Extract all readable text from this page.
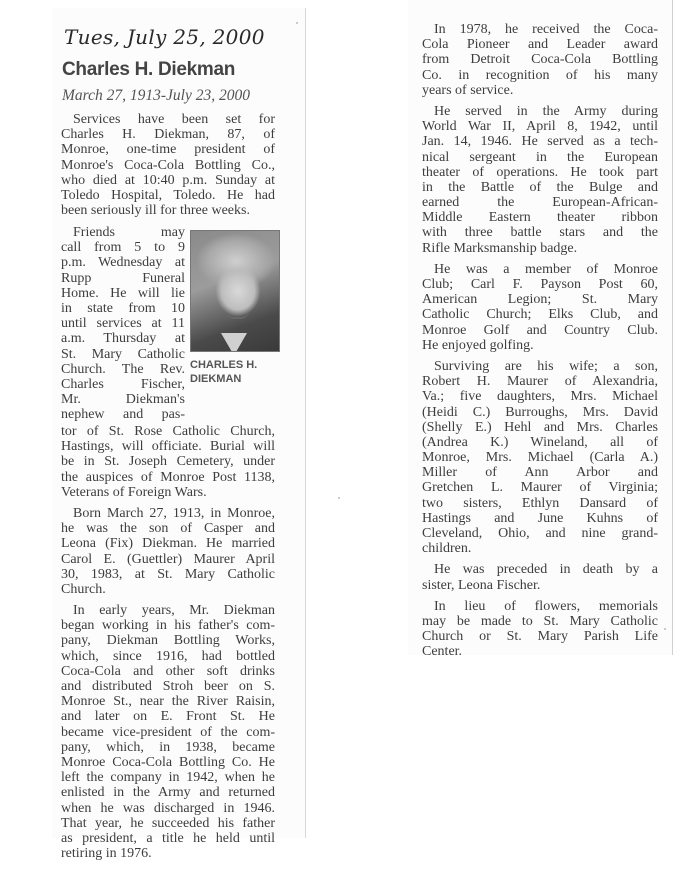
Tues, July 25, 2000
Charles H. Diekman
March 27, 1913-July 23, 2000
Services have been set for
Charles H. Diekman, 87, of
Monroe, one-time president of
Monroe's Coca-Cola Bottling Co.,
who died at 10:40 p.m. Sunday at
Toledo Hospital, Toledo. He had
been seriously ill for three weeks.
Friends may
call from 5 to 9
p.m. Wednesday at
Rupp Funeral
Home. He will lie
in state from 10
until services at 11
a.m. Thursday at
St. Mary Catholic
Church. The Rev.
Charles Fischer,
Mr. Diekman's
nephew and pas-
CHARLES H.
DIEKMAN
tor of St. Rose Catholic Church,
Hastings, will officiate. Burial will
be in St. Joseph Cemetery, under
the auspices of Monroe Post 1138,
Veterans of Foreign Wars.
Born March 27, 1913, in Monroe,
he was the son of Casper and
Leona (Fix) Diekman. He married
Carol E. (Guettler) Maurer April
30, 1983, at St. Mary Catholic
Church.
In early years, Mr. Diekman
began working in his father's com-
pany, Diekman Bottling Works,
which, since 1916, had bottled
Coca-Cola and other soft drinks
and distributed Stroh beer on S.
Monroe St., near the River Raisin,
and later on E. Front St. He
became vice-president of the com-
pany, which, in 1938, became
Monroe Coca-Cola Bottling Co. He
left the company in 1942, when he
enlisted in the Army and returned
when he was discharged in 1946.
That year, he succeeded his father
as president, a title he held until
retiring in 1976.
In 1978, he received the Coca-
Cola Pioneer and Leader award
from Detroit Coca-Cola Bottling
Co. in recognition of his many
years of service.
He served in the Army during
World War II, April 8, 1942, until
Jan. 14, 1946. He served as a tech-
nical sergeant in the European
theater of operations. He took part
in the Battle of the Bulge and
earned the European-African-
Middle Eastern theater ribbon
with three battle stars and the
Rifle Marksmanship badge.
He was a member of Monroe
Club; Carl F. Payson Post 60,
American Legion; St. Mary
Catholic Church; Elks Club, and
Monroe Golf and Country Club.
He enjoyed golfing.
Surviving are his wife; a son,
Robert H. Maurer of Alexandria,
Va.; five daughters, Mrs. Michael
(Heidi C.) Burroughs, Mrs. David
(Shelly E.) Hehl and Mrs. Charles
(Andrea K.) Wineland, all of
Monroe, Mrs. Michael (Carla A.)
Miller of Ann Arbor and
Gretchen L. Maurer of Virginia;
two sisters, Ethlyn Dansard of
Hastings and June Kuhns of
Cleveland, Ohio, and nine grand-
children.
He was preceded in death by a
sister, Leona Fischer.
In lieu of flowers, memorials
may be made to St. Mary Catholic
Church or St. Mary Parish Life
Center.
